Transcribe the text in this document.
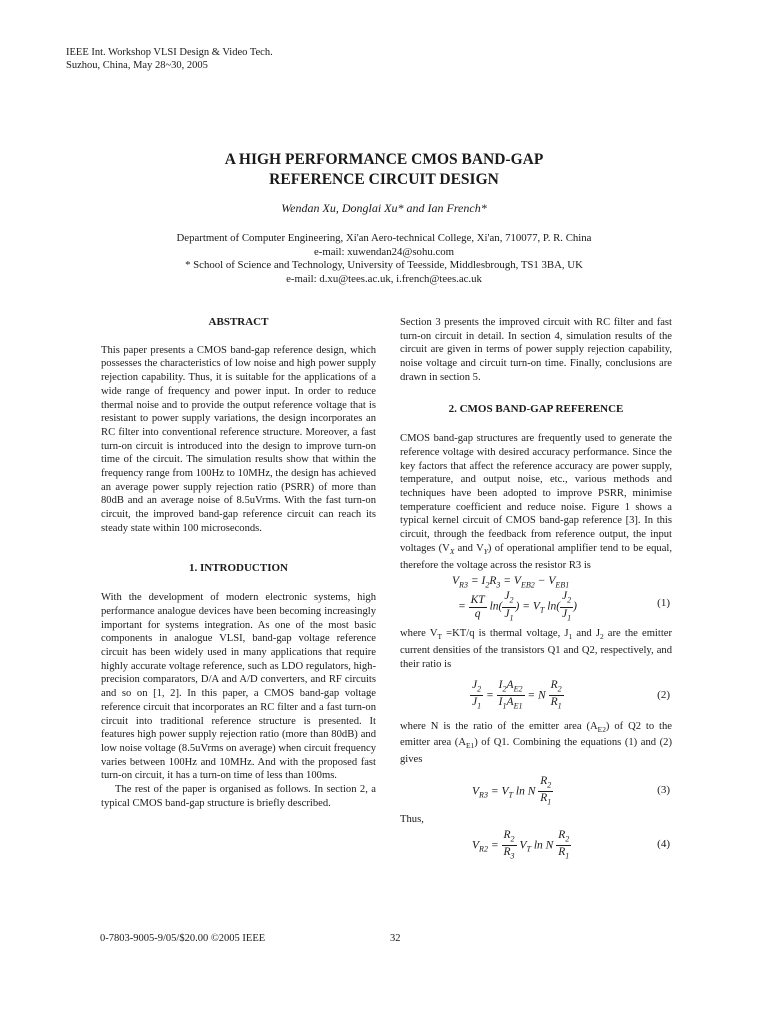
IEEE Int. Workshop VLSI Design & Video Tech.
Suzhou, China, May 28~30, 2005
A HIGH PERFORMANCE CMOS BAND-GAP
REFERENCE CIRCUIT DESIGN
Wendan Xu, Donglai Xu* and Ian French*
Department of Computer Engineering, Xi'an Aero-technical College, Xi'an, 710077, P. R. China
e-mail: xuwendan24@sohu.com
* School of Science and Technology, University of Teesside, Middlesbrough, TS1 3BA, UK
e-mail: d.xu@tees.ac.uk, i.french@tees.ac.uk
ABSTRACT

This paper presents a CMOS band-gap reference design, which possesses the characteristics of low noise and high power supply rejection capability. Thus, it is suitable for the applications of a wide range of frequency and power input. In order to reduce thermal noise and to provide the output reference voltage that is resistant to power supply variations, the design incorporates an RC filter into conventional reference structure. Moreover, a fast turn-on circuit is introduced into the design to improve turn-on time of the circuit. The simulation results show that within the frequency range from 100Hz to 10MHz, the design has achieved an average power supply rejection ratio (PSRR) of more than 80dB and an average noise of 8.5uVrms. With the fast turn-on circuit, the improved band-gap reference circuit can reach its steady state within 100 microseconds.

1. INTRODUCTION

With the development of modern electronic systems, high performance analogue devices have been becoming increasingly important for systems integration. As one of the most basic components in analogue VLSI, band-gap voltage reference circuit has been widely used in many applications that require highly accurate voltage reference, such as LDO regulators, high-precision comparators, D/A and A/D converters, and RF circuits and so on [1, 2]. In this paper, a CMOS band-gap voltage reference circuit that incorporates an RC filter and a fast turn-on circuit into traditional reference structure is presented. It features high power supply rejection ratio (more than 80dB) and low noise voltage (8.5uVrms on average) when circuit frequency varies between 100Hz and 10MHz. And with the proposed fast turn-on circuit, it has a turn-on time of less than 100ms.

The rest of the paper is organised as follows. In section 2, a typical CMOS band-gap structure is briefly described.

Section 3 presents the improved circuit with RC filter and fast turn-on circuit in detail. In section 4, simulation results of the circuit are given in terms of power supply rejection capability, noise voltage and circuit turn-on time. Finally, conclusions are drawn in section 5.

2. CMOS BAND-GAP REFERENCE

CMOS band-gap structures are frequently used to generate the reference voltage with desired accuracy performance. Since the key factors that affect the reference accuracy are power supply, temperature, and output noise, etc., various methods and techniques have been adopted to improve PSRR, minimise temperature coefficient and reduce noise. Figure 1 shows a typical kernel circuit of CMOS band-gap reference [3]. In this circuit, through the feedback from reference output, the input voltages ($V_X$ and $V_Y$) of operational amplifier tend to be equal, therefore the voltage across the resistor R3 is

$V_{R3} = I_2R_3 = V_{EB2} - V_{EB1}$
= $\frac{KT}{q} \ln( \frac{J_2}{J_1}$ ) = $V_T$ $\ln( \frac{J_2}{J_1}$ )	(1)

where $V_T =KT/q$ is thermal voltage, $J_1$ and $J_2$ are the emitter current densities of the transistors Q1 and Q2, respectively, and their ratio is

$\frac{J_2}{J_1} = \frac{I_2A_{E2}}{I_1A_{E1}} = N \frac{R_2}{R_1}$	(2)

where N is the ratio of the emitter area $(A_{E2})$ of Q2 to the emitter area $(A_{E1})$ of Q1. Combining the equations (1) and (2) gives

$V_{R3} = V_T$ ln N $\frac{R_2}{R_1}$	(3)

Thus,

$V_{R2} = \frac{R_2}{R_3} V_T$ ln N $\frac{R_2}{R_1}$	(4)
0-7803-9005-9/05/$20.00 ©2005 IEEE	32
